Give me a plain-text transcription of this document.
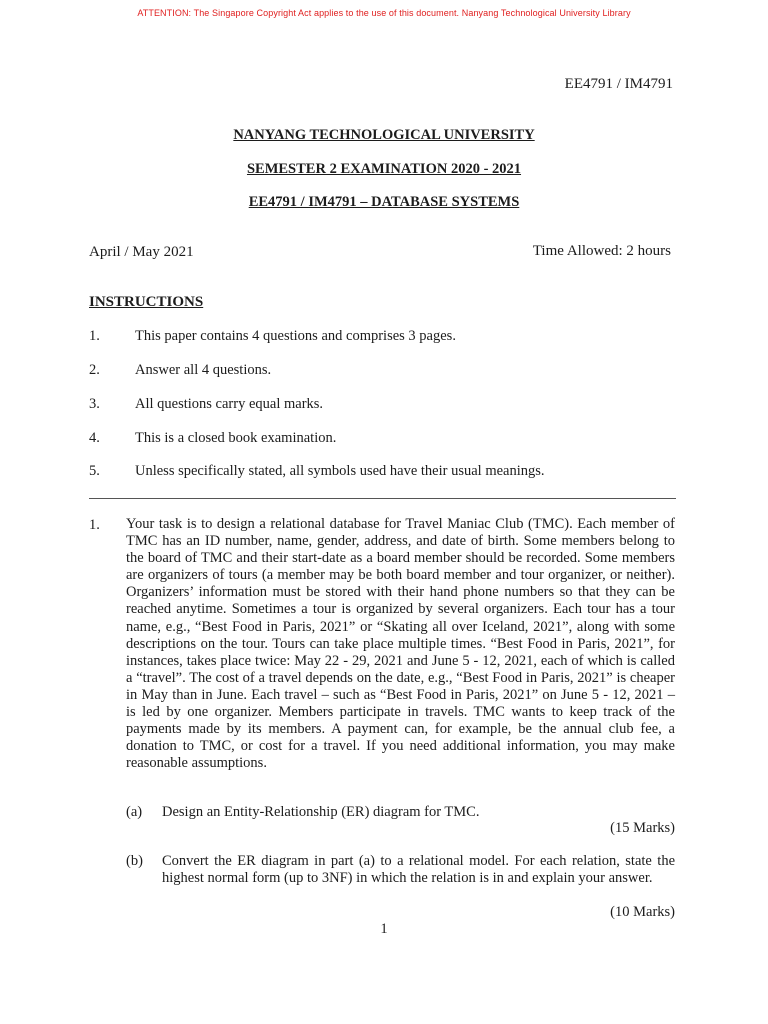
ATTENTION: The Singapore Copyright Act applies to the use of this document. Nanyang Technological University Library
EE4791 / IM4791
NANYANG TECHNOLOGICAL UNIVERSITY
SEMESTER 2 EXAMINATION 2020 - 2021
EE4791 / IM4791 – DATABASE SYSTEMS
April / May 2021	Time Allowed: 2 hours
INSTRUCTIONS
1. This paper contains 4 questions and comprises 3 pages.
2. Answer all 4 questions.
3. All questions carry equal marks.
4. This is a closed book examination.
5. Unless specifically stated, all symbols used have their usual meanings.
1. Your task is to design a relational database for Travel Maniac Club (TMC). Each member of TMC has an ID number, name, gender, address, and date of birth. Some members belong to the board of TMC and their start-date as a board member should be recorded. Some members are organizers of tours (a member may be both board member and tour organizer, or neither). Organizers’ information must be stored with their hand phone numbers so that they can be reached anytime. Sometimes a tour is organized by several organizers. Each tour has a tour name, e.g., “Best Food in Paris, 2021” or “Skating all over Iceland, 2021”, along with some descriptions on the tour. Tours can take place multiple times. “Best Food in Paris, 2021”, for instances, takes place twice: May 22 - 29, 2021 and June 5 - 12, 2021, each of which is called a “travel”. The cost of a travel depends on the date, e.g., “Best Food in Paris, 2021” is cheaper in May than in June. Each travel – such as “Best Food in Paris, 2021” on June 5 - 12, 2021 – is led by one organizer. Members participate in travels. TMC wants to keep track of the payments made by its members. A payment can, for example, be the annual club fee, a donation to TMC, or cost for a travel. If you need additional information, you may make reasonable assumptions.
(a) Design an Entity-Relationship (ER) diagram for TMC.
(15 Marks)
(b) Convert the ER diagram in part (a) to a relational model. For each relation, state the highest normal form (up to 3NF) in which the relation is in and explain your answer.
(10 Marks)
1
